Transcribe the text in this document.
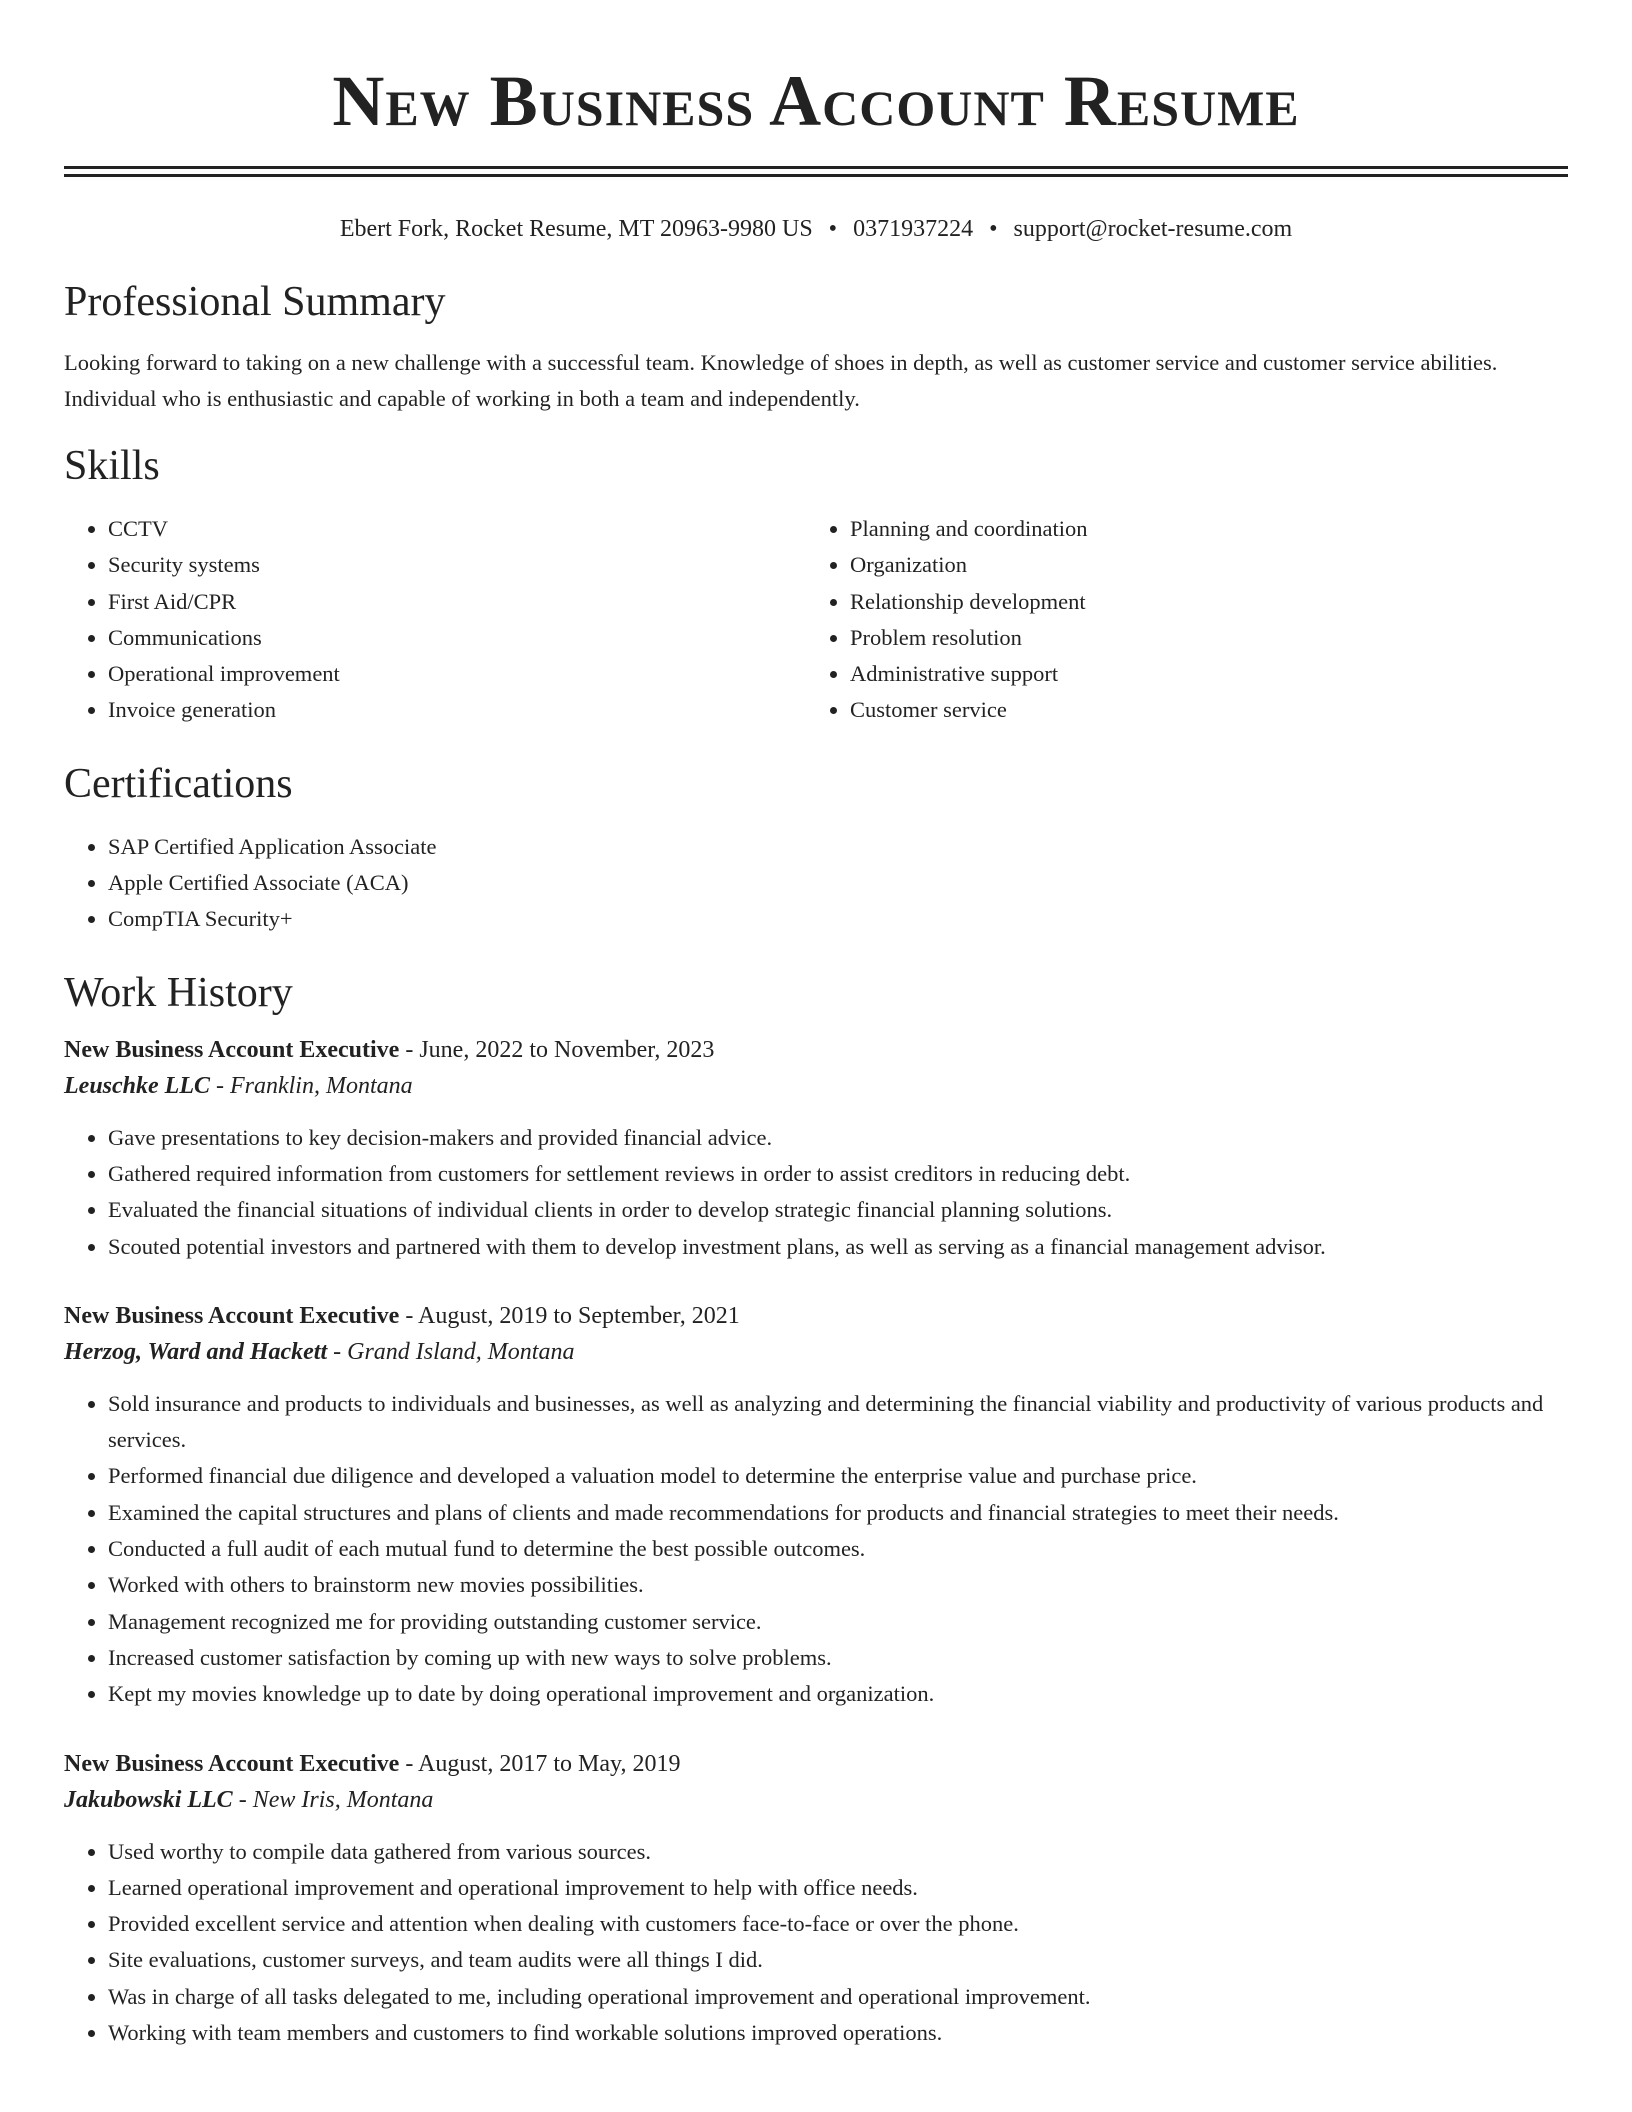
New Business Account Resume
Ebert Fork, Rocket Resume, MT 20963-9980 US • 0371937224 • support@rocket-resume.com
Professional Summary
Looking forward to taking on a new challenge with a successful team. Knowledge of shoes in depth, as well as customer service and customer service abilities. Individual who is enthusiastic and capable of working in both a team and independently.
Skills
• CCTV
• Security systems
• First Aid/CPR
• Communications
• Operational improvement
• Invoice generation
• Planning and coordination
• Organization
• Relationship development
• Problem resolution
• Administrative support
• Customer service
Certifications
• SAP Certified Application Associate
• Apple Certified Associate (ACA)
• CompTIA Security+
Work History
New Business Account Executive - June, 2022 to November, 2023
Leuschke LLC - Franklin, Montana
• Gave presentations to key decision-makers and provided financial advice.
• Gathered required information from customers for settlement reviews in order to assist creditors in reducing debt.
• Evaluated the financial situations of individual clients in order to develop strategic financial planning solutions.
• Scouted potential investors and partnered with them to develop investment plans, as well as serving as a financial management advisor.
New Business Account Executive - August, 2019 to September, 2021
Herzog, Ward and Hackett - Grand Island, Montana
• Sold insurance and products to individuals and businesses, as well as analyzing and determining the financial viability and productivity of various products and services.
• Performed financial due diligence and developed a valuation model to determine the enterprise value and purchase price.
• Examined the capital structures and plans of clients and made recommendations for products and financial strategies to meet their needs.
• Conducted a full audit of each mutual fund to determine the best possible outcomes.
• Worked with others to brainstorm new movies possibilities.
• Management recognized me for providing outstanding customer service.
• Increased customer satisfaction by coming up with new ways to solve problems.
• Kept my movies knowledge up to date by doing operational improvement and organization.
New Business Account Executive - August, 2017 to May, 2019
Jakubowski LLC - New Iris, Montana
• Used worthy to compile data gathered from various sources.
• Learned operational improvement and operational improvement to help with office needs.
• Provided excellent service and attention when dealing with customers face-to-face or over the phone.
• Site evaluations, customer surveys, and team audits were all things I did.
• Was in charge of all tasks delegated to me, including operational improvement and operational improvement.
• Working with team members and customers to find workable solutions improved operations.
